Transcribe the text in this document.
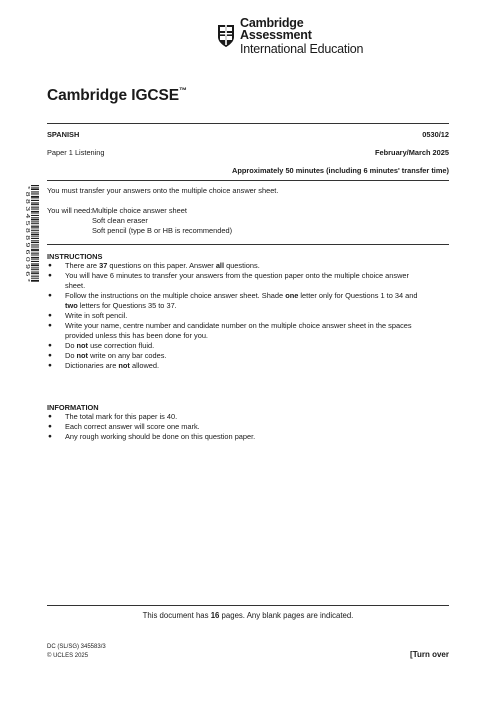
Cambridge Assessment
International Education
Cambridge IGCSE™
SPANISH	0530/12
Paper 1 Listening	February/March 2025
Approximately 50 minutes (including 6 minutes' transfer time)
* 8 8 3 4 5 8 8 9 6 0 9 6 * You must transfer your answers onto the multiple choice answer sheet.
You will need: Multiple choice answer sheet
Soft clean eraser
Soft pencil (type B or HB is recommended)
INSTRUCTIONS
● There are 37 questions on this paper. Answer all questions.
● You will have 6 minutes to transfer your answers from the question paper onto the multiple choice answer sheet.
● Follow the instructions on the multiple choice answer sheet. Shade one letter only for Questions 1 to 34 and two letters for Questions 35 to 37.
● Write in soft pencil.
● Write your name, centre number and candidate number on the multiple choice answer sheet in the spaces provided unless this has been done for you.
● Do not use correction fluid.
● Do not write on any bar codes.
● Dictionaries are not allowed.
INFORMATION
● The total mark for this paper is 40.
● Each correct answer will score one mark.
● Any rough working should be done on this question paper.
This document has 16 pages. Any blank pages are indicated.
DC (SL/SG) 345583/3
© UCLES 2025	[Turn over
